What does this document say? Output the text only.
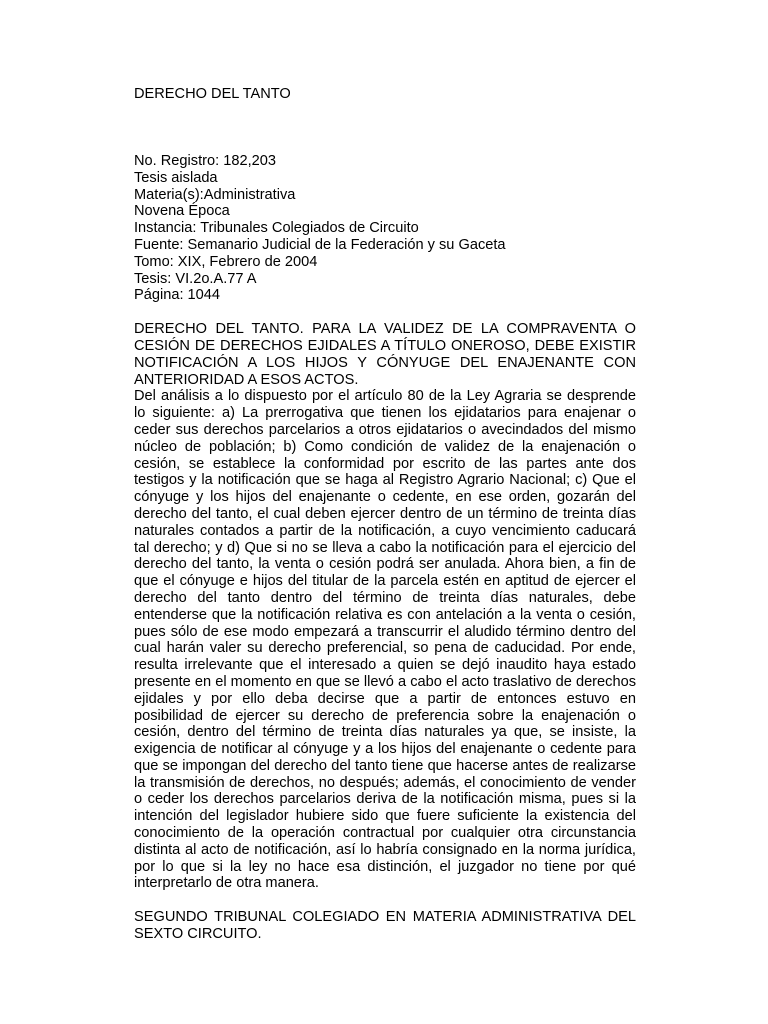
DERECHO DEL TANTO
No. Registro: 182,203
Tesis aislada
Materia(s):Administrativa
Novena Época
Instancia: Tribunales Colegiados de Circuito
Fuente: Semanario Judicial de la Federación y su Gaceta
Tomo: XIX, Febrero de 2004
Tesis: VI.2o.A.77 A
Página: 1044
DERECHO DEL TANTO. PARA LA VALIDEZ DE LA COMPRAVENTA O CESIÓN DE DERECHOS EJIDALES A TÍTULO ONEROSO, DEBE EXISTIR NOTIFICACIÓN A LOS HIJOS Y CÓNYUGE DEL ENAJENANTE CON ANTERIORIDAD A ESOS ACTOS.
Del análisis a lo dispuesto por el artículo 80 de la Ley Agraria se desprende lo siguiente: a) La prerrogativa que tienen los ejidatarios para enajenar o ceder sus derechos parcelarios a otros ejidatarios o avecindados del mismo núcleo de población; b) Como condición de validez de la enajenación o cesión, se establece la conformidad por escrito de las partes ante dos testigos y la notificación que se haga al Registro Agrario Nacional; c) Que el cónyuge y los hijos del enajenante o cedente, en ese orden, gozarán del derecho del tanto, el cual deben ejercer dentro de un término de treinta días naturales contados a partir de la notificación, a cuyo vencimiento caducará tal derecho; y d) Que si no se lleva a cabo la notificación para el ejercicio del derecho del tanto, la venta o cesión podrá ser anulada. Ahora bien, a fin de que el cónyuge e hijos del titular de la parcela estén en aptitud de ejercer el derecho del tanto dentro del término de treinta días naturales, debe entenderse que la notificación relativa es con antelación a la venta o cesión, pues sólo de ese modo empezará a transcurrir el aludido término dentro del cual harán valer su derecho preferencial, so pena de caducidad. Por ende, resulta irrelevante que el interesado a quien se dejó inaudito haya estado presente en el momento en que se llevó a cabo el acto traslativo de derechos ejidales y por ello deba decirse que a partir de entonces estuvo en posibilidad de ejercer su derecho de preferencia sobre la enajenación o cesión, dentro del término de treinta días naturales ya que, se insiste, la exigencia de notificar al cónyuge y a los hijos del enajenante o cedente para que se impongan del derecho del tanto tiene que hacerse antes de realizarse la transmisión de derechos, no después; además, el conocimiento de vender o ceder los derechos parcelarios deriva de la notificación misma, pues si la intención del legislador hubiere sido que fuere suficiente la existencia del conocimiento de la operación contractual por cualquier otra circunstancia distinta al acto de notificación, así lo habría consignado en la norma jurídica, por lo que si la ley no hace esa distinción, el juzgador no tiene por qué interpretarlo de otra manera.
SEGUNDO TRIBUNAL COLEGIADO EN MATERIA ADMINISTRATIVA DEL SEXTO CIRCUITO.
